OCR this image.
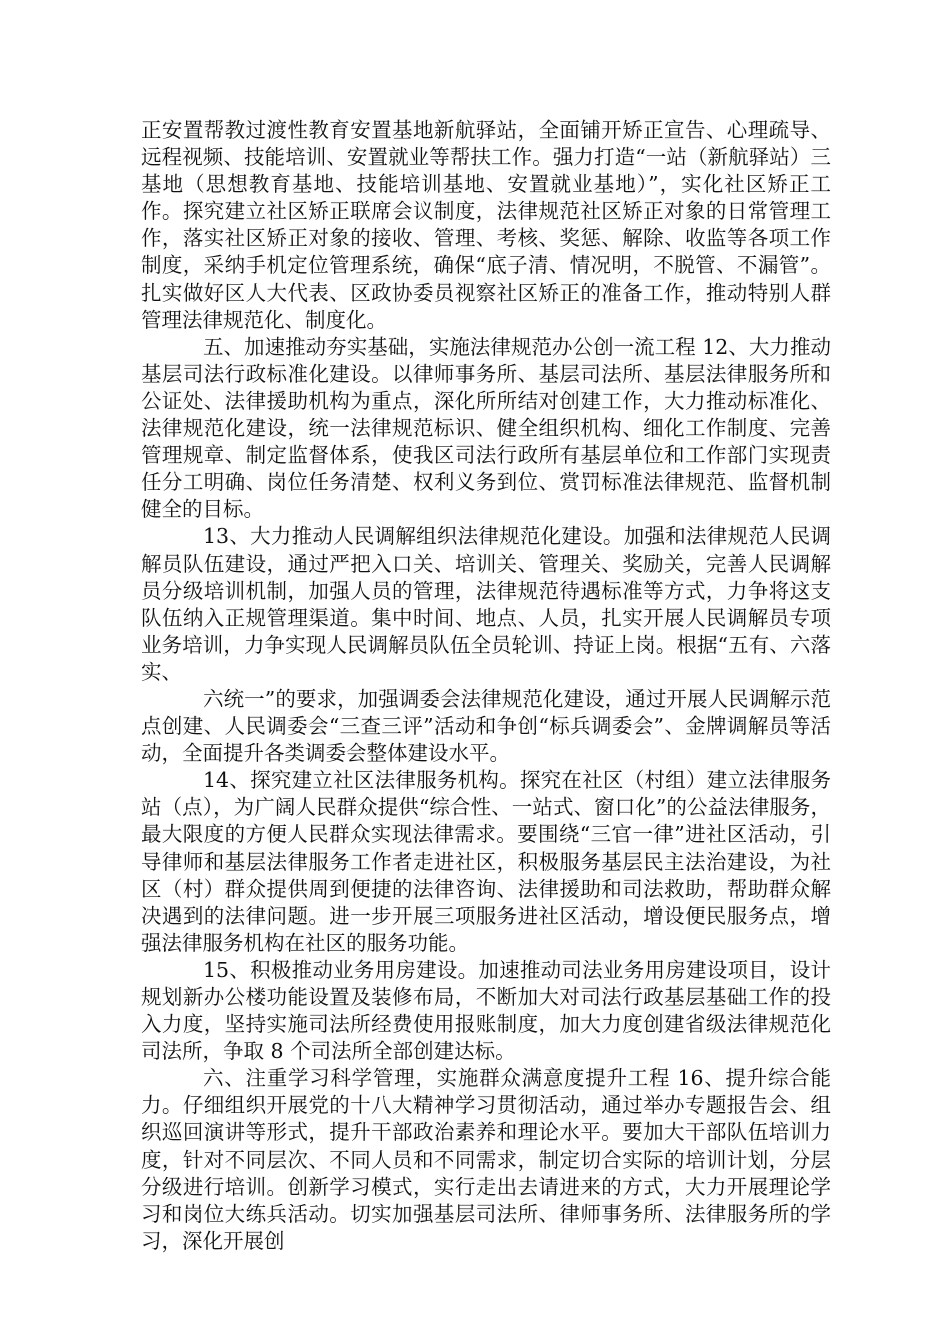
正安置帮教过渡性教育安置基地新航驿站，全面铺开矫正宣告、心理疏导、远程视频、技能培训、安置就业等帮扶工作。强力打造“一站（新航驿站）三基地（思想教育基地、技能培训基地、安置就业基地）”，实化社区矫正工作。探究建立社区矫正联席会议制度，法律规范社区矫正对象的日常管理工作，落实社区矫正对象的接收、管理、考核、奖惩、解除、收监等各项工作制度，采纳手机定位管理系统，确保“底子清、情况明，不脱管、不漏管”。扎实做好区人大代表、区政协委员视察社区矫正的准备工作，推动特别人群管理法律规范化、制度化。

五、加速推动夯实基础，实施法律规范办公创一流工程 12、大力推动基层司法行政标准化建设。以律师事务所、基层司法所、基层法律服务所和公证处、法律援助机构为重点，深化所所结对创建工作，大力推动标准化、法律规范化建设，统一法律规范标识、健全组织机构、细化工作制度、完善管理规章、制定监督体系，使我区司法行政所有基层单位和工作部门实现责任分工明确、岗位任务清楚、权利义务到位、赏罚标准法律规范、监督机制健全的目标。

13、大力推动人民调解组织法律规范化建设。加强和法律规范人民调解员队伍建设，通过严把入口关、培训关、管理关、奖励关，完善人民调解员分级培训机制，加强人员的管理，法律规范待遇标准等方式，力争将这支队伍纳入正规管理渠道。集中时间、地点、人员，扎实开展人民调解员专项业务培训，力争实现人民调解员队伍全员轮训、持证上岗。根据“五有、六落实、

六统一”的要求，加强调委会法律规范化建设，通过开展人民调解示范点创建、人民调委会“三查三评”活动和争创“标兵调委会”、金牌调解员等活动，全面提升各类调委会整体建设水平。

14、探究建立社区法律服务机构。探究在社区（村组）建立法律服务站（点），为广阔人民群众提供“综合性、一站式、窗口化”的公益法律服务，最大限度的方便人民群众实现法律需求。要围绕“三官一律”进社区活动，引导律师和基层法律服务工作者走进社区，积极服务基层民主法治建设，为社区（村）群众提供周到便捷的法律咨询、法律援助和司法救助，帮助群众解决遇到的法律问题。进一步开展三项服务进社区活动，增设便民服务点，增强法律服务机构在社区的服务功能。

15、积极推动业务用房建设。加速推动司法业务用房建设项目，设计规划新办公楼功能设置及装修布局，不断加大对司法行政基层基础工作的投入力度，坚持实施司法所经费使用报账制度，加大力度创建省级法律规范化司法所，争取 8 个司法所全部创建达标。

六、注重学习科学管理，实施群众满意度提升工程 16、提升综合能力。仔细组织开展党的十八大精神学习贯彻活动，通过举办专题报告会、组织巡回演讲等形式，提升干部政治素养和理论水平。要加大干部队伍培训力度，针对不同层次、不同人员和不同需求，制定切合实际的培训计划，分层分级进行培训。创新学习模式，实行走出去请进来的方式，大力开展理论学习和岗位大练兵活动。切实加强基层司法所、律师事务所、法律服务所的学习，深化开展创
